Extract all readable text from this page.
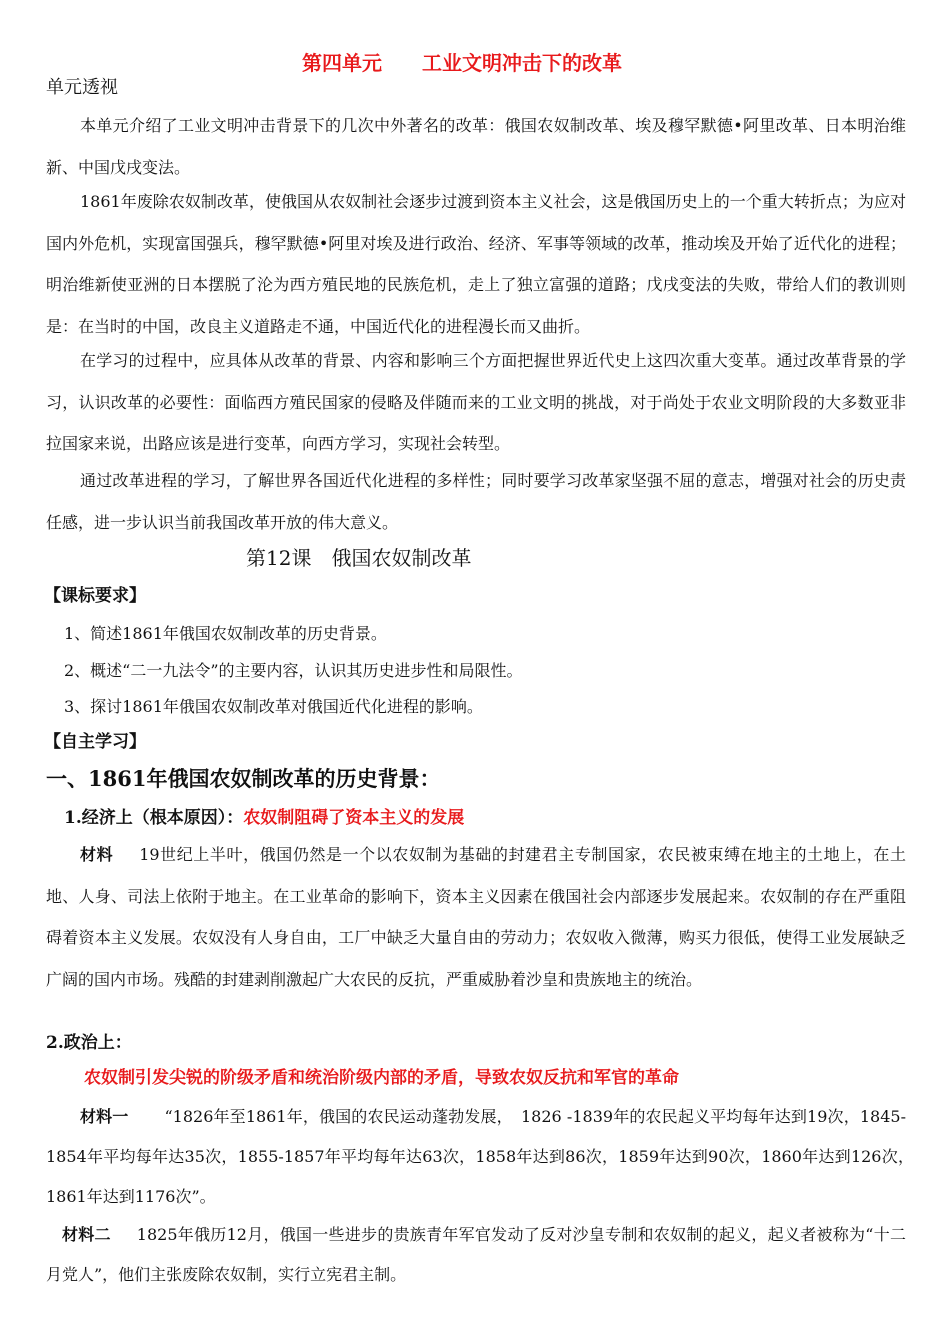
第四单元　　工业文明冲击下的改革
单元透视
本单元介绍了工业文明冲击背景下的几次中外著名的改革：俄国农奴制改革、埃及穆罕默德•阿里改革、日本明治维新、中国戊戌变法。
1861年废除农奴制改革，使俄国从农奴制社会逐步过渡到资本主义社会，这是俄国历史上的一个重大转折点；为应对国内外危机，实现富国强兵，穆罕默德•阿里对埃及进行政治、经济、军事等领域的改革，推动埃及开始了近代化的进程；明治维新使亚洲的日本摆脱了沦为西方殖民地的民族危机，走上了独立富强的道路；戊戌变法的失败，带给人们的教训则是：在当时的中国，改良主义道路走不通，中国近代化的进程漫长而又曲折。
在学习的过程中，应具体从改革的背景、内容和影响三个方面把握世界近代史上这四次重大变革。通过改革背景的学习，认识改革的必要性：面临西方殖民国家的侵略及伴随而来的工业文明的挑战，对于尚处于农业文明阶段的大多数亚非拉国家来说，出路应该是进行变革，向西方学习，实现社会转型。
通过改革进程的学习，了解世界各国近代化进程的多样性；同时要学习改革家坚强不屈的意志，增强对社会的历史责任感，进一步认识当前我国改革开放的伟大意义。
第12课　俄国农奴制改革
【课标要求】
1、简述1861年俄国农奴制改革的历史背景。
2、概述“二一九法令”的主要内容，认识其历史进步性和局限性。
3、探讨1861年俄国农奴制改革对俄国近代化进程的影响。
【自主学习】
一、1861年俄国农奴制改革的历史背景：
1.经济上（根本原因）：农奴制阻碍了资本主义的发展
材料 19世纪上半叶，俄国仍然是一个以农奴制为基础的封建君主专制国家，农民被束缚在地主的土地上，在土地、人身、司法上依附于地主。在工业革命的影响下，资本主义因素在俄国社会内部逐步发展起来。农奴制的存在严重阻碍着资本主义发展。农奴没有人身自由，工厂中缺乏大量自由的劳动力；农奴收入微薄，购买力很低，使得工业发展缺乏广阔的国内市场。残酷的封建剥削激起广大农民的反抗，严重威胁着沙皇和贵族地主的统治。
2.政治上：
农奴制引发尖锐的阶级矛盾和统治阶级内部的矛盾，导致农奴反抗和军官的革命
材料一 “1826年至1861年，俄国的农民运动蓬勃发展，　1826 -1839年的农民起义平均每年达到19次，1845-1854年平均每年达35次，1855-1857年平均每年达63次，1858年达到86次，1859年达到90次，1860年达到126次，　1861年达到1176次”。
材料二 1825年俄历12月，俄国一些进步的贵族青年军官发动了反对沙皇专制和农奴制的起义，起义者被称为“十二月党人”，他们主张废除农奴制，实行立宪君主制。
